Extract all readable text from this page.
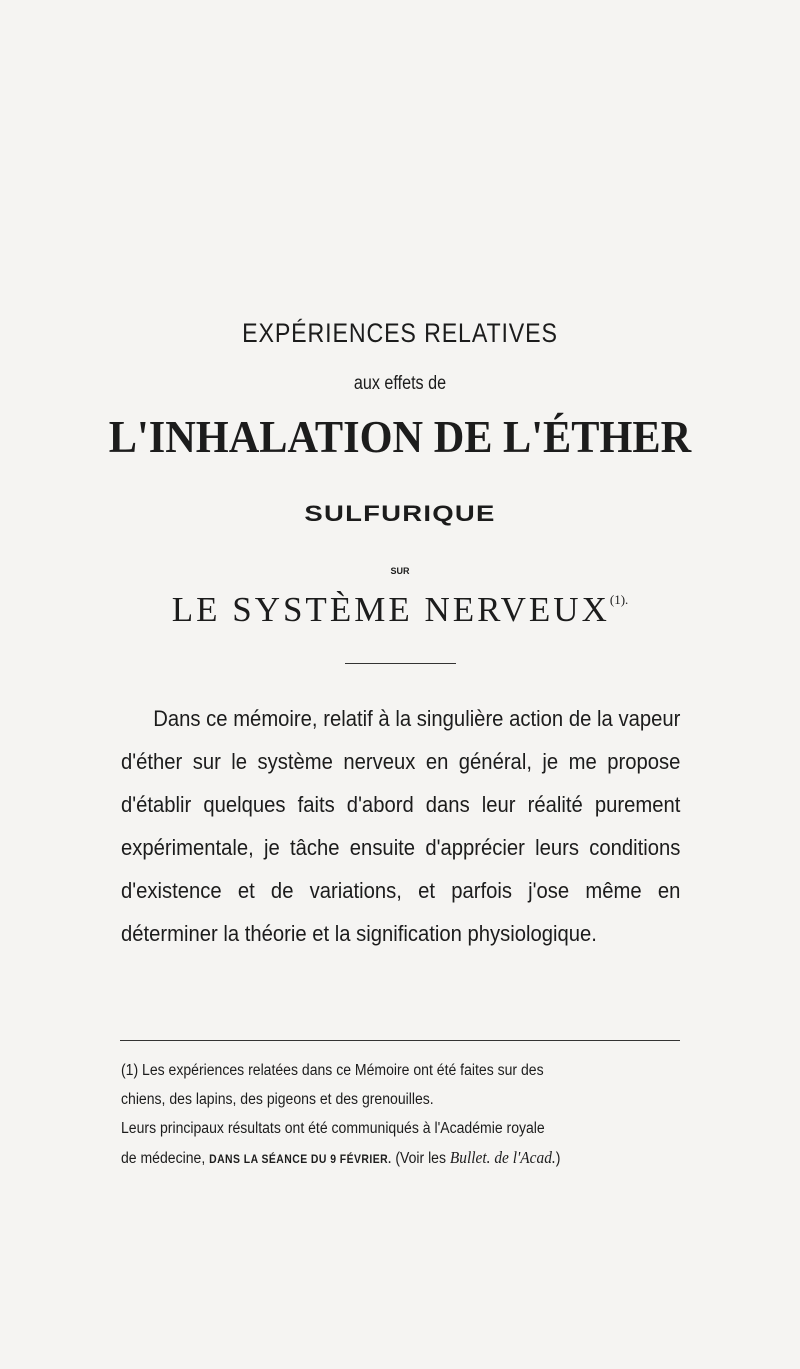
EXPÉRIENCES RELATIVES
aux effets de
L'INHALATION DE L'ÉTHER
SULFURIQUE
SUR
LE SYSTÈME NERVEUX$^{(1).}$
Dans ce mémoire, relatif à la singulière action de la vapeur d'éther sur le système nerveux en général, je me propose d'établir quelques faits d'abord dans leur réalité purement expérimentale, je tâche ensuite d'apprécier leurs conditions d'existence et de variations, et parfois j'ose même en déterminer la théorie et la signification physiologique.
(1) Les expériences relatées dans ce Mémoire ont été faites sur des
chiens, des lapins, des pigeons et des grenouilles.
Leurs principaux résultats ont été communiqués à l'Académie royale
de médecine, DANS LA SÉANCE DU 9 FÉVRIER. (Voir les Bullet. de l'Acad.)
